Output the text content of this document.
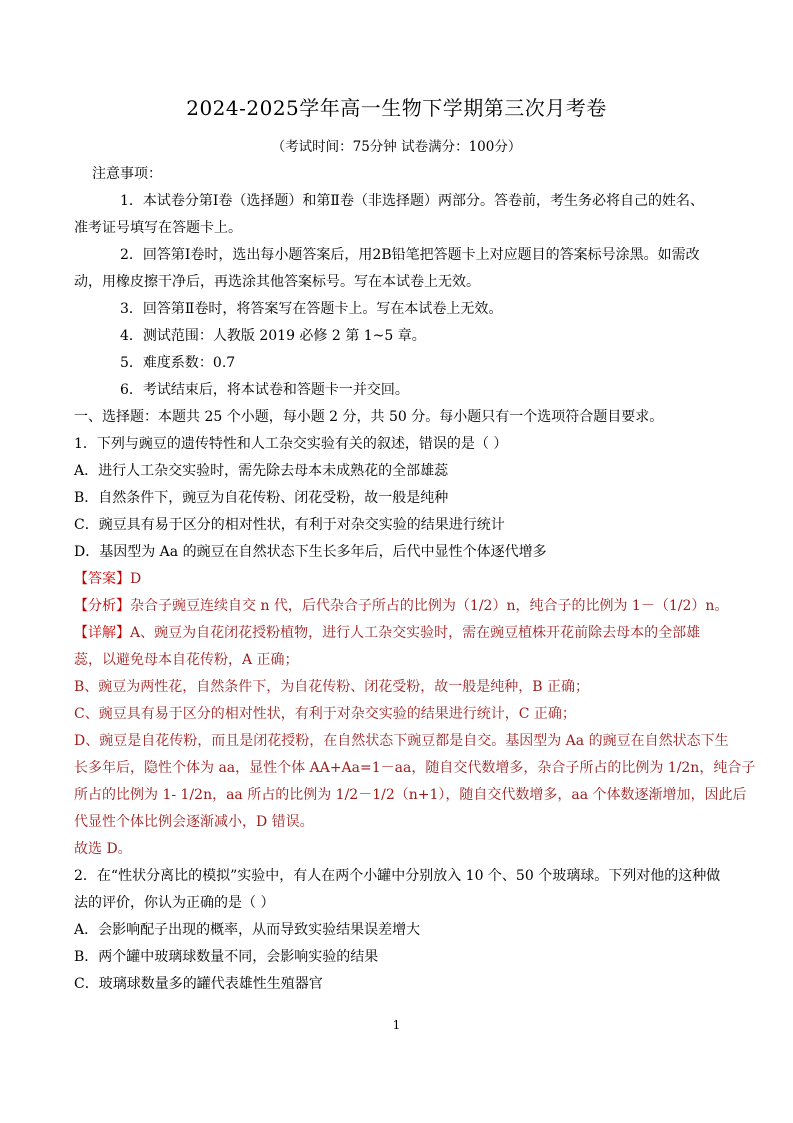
2024-2025学年高一生物下学期第三次月考卷
（考试时间：75分钟 试卷满分：100分）
注意事项：
1．本试卷分第Ⅰ卷（选择题）和第Ⅱ卷（非选择题）两部分。答卷前，考生务必将自己的姓名、
准考证号填写在答题卡上。
2．回答第Ⅰ卷时，选出每小题答案后，用2B铅笔把答题卡上对应题目的答案标号涂黑。如需改
动，用橡皮擦干净后，再选涂其他答案标号。写在本试卷上无效。
3．回答第Ⅱ卷时，将答案写在答题卡上。写在本试卷上无效。
4．测试范围：人教版 2019 必修 2 第 1~5 章。
5．难度系数：0.7
6．考试结束后，将本试卷和答题卡一并交回。
一、选择题：本题共 25 个小题，每小题 2 分，共 50 分。每小题只有一个选项符合题目要求。
1．下列与豌豆的遗传特性和人工杂交实验有关的叙述，错误的是（ ）
A．进行人工杂交实验时，需先除去母本未成熟花的全部雄蕊
B．自然条件下，豌豆为自花传粉、闭花受粉，故一般是纯种
C．豌豆具有易于区分的相对性状，有利于对杂交实验的结果进行统计
D．基因型为 Aa 的豌豆在自然状态下生长多年后，后代中显性个体逐代增多
【答案】D
【分析】杂合子豌豆连续自交 n 代，后代杂合子所占的比例为（1/2）n，纯合子的比例为 1－（1/2）n。
【详解】A、豌豆为自花闭花授粉植物，进行人工杂交实验时，需在豌豆植株开花前除去母本的全部雄
蕊，以避免母本自花传粉，A 正确；
B、豌豆为两性花，自然条件下，为自花传粉、闭花受粉，故一般是纯种，B 正确；
C、豌豆具有易于区分的相对性状，有利于对杂交实验的结果进行统计，C 正确；
D、豌豆是自花传粉，而且是闭花授粉，在自然状态下豌豆都是自交。基因型为 Aa 的豌豆在自然状态下生
长多年后，隐性个体为 aa，显性个体 AA+Aa=1－aa，随自交代数增多，杂合子所占的比例为 1/2n，纯合子
所占的比例为 1- 1/2n，aa 所占的比例为 1/2－1/2（n+1），随自交代数增多，aa 个体数逐渐增加，因此后
代显性个体比例会逐渐减小，D 错误。
故选 D。
2．在“性状分离比的模拟”实验中，有人在两个小罐中分别放入 10 个、50 个玻璃球。下列对他的这种做
法的评价，你认为正确的是（ ）
A．会影响配子出现的概率，从而导致实验结果误差增大
B．两个罐中玻璃球数量不同，会影响实验的结果
C．玻璃球数量多的罐代表雄性生殖器官
1
